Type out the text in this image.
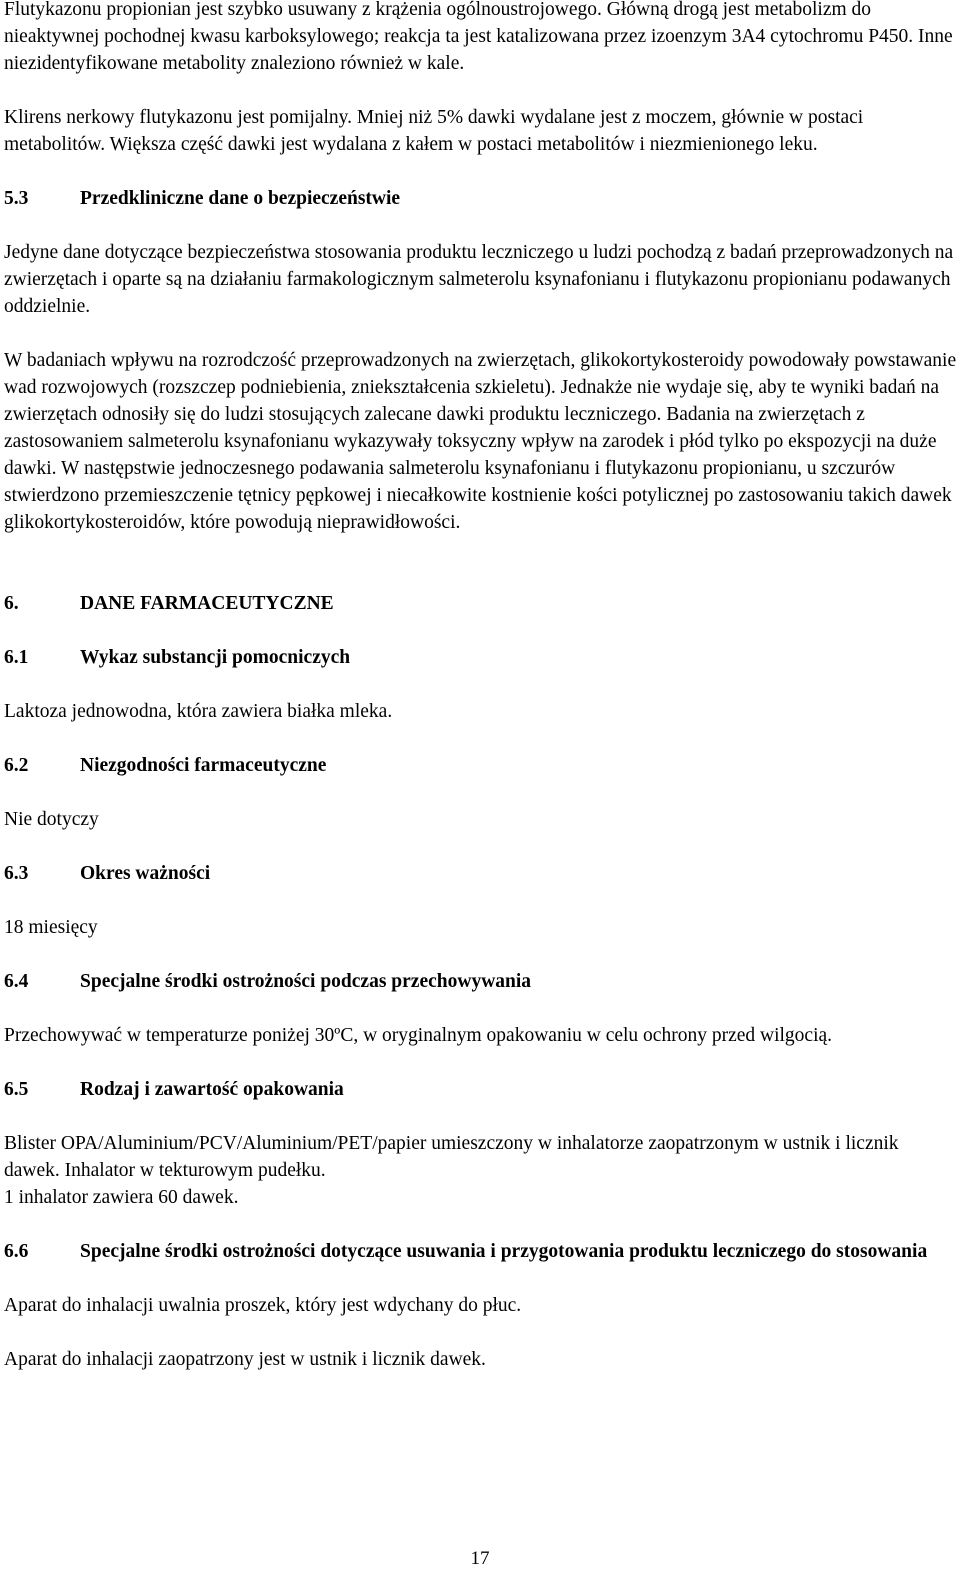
Flutykazonu propionian jest szybko usuwany z krążenia ogólnoustrojowego. Główną drogą jest metabolizm do nieaktywnej pochodnej kwasu karboksylowego; reakcja ta jest katalizowana przez izoenzym 3A4 cytochromu P450. Inne niezidentyfikowane metabolity znaleziono również w kale.

Klirens nerkowy flutykazonu jest pomijalny. Mniej niż 5% dawki wydalane jest z moczem, głównie w postaci metabolitów. Większa część dawki jest wydalana z kałem w postaci metabolitów i niezmienionego leku.

5.3	Przedkliniczne dane o bezpieczeństwie

Jedyne dane dotyczące bezpieczeństwa stosowania produktu leczniczego u ludzi pochodzą z badań przeprowadzonych na zwierzętach i oparte są na działaniu farmakologicznym salmeterolu ksynafonianu i flutykazonu propionianu podawanych oddzielnie.

W badaniach wpływu na rozrodczość przeprowadzonych na zwierzętach, glikokortykosteroidy powodowały powstawanie wad rozwojowych (rozszczep podniebienia, zniekształcenia szkieletu). Jednakże nie wydaje się, aby te wyniki badań na zwierzętach odnosiły się do ludzi stosujących zalecane dawki produktu leczniczego. Badania na zwierzętach z zastosowaniem salmeterolu ksynafonianu wykazywały toksyczny wpływ na zarodek i płód tylko po ekspozycji na duże dawki. W następstwie jednoczesnego podawania salmeterolu ksynafonianu i flutykazonu propionianu, u szczurów stwierdzono przemieszczenie tętnicy pępkowej i niecałkowite kostnienie kości potylicznej po zastosowaniu takich dawek glikokortykosteroidów, które powodują nieprawidłowości.

6.	DANE FARMACEUTYCZNE
6.1	Wykaz substancji pomocniczych

Laktoza jednowodna, która zawiera białka mleka.

6.2	Niezgodności farmaceutyczne

Nie dotyczy

6.3	Okres ważności

18 miesięcy

6.4	Specjalne środki ostrożności podczas przechowywania

Przechowywać w temperaturze poniżej 30ºC, w oryginalnym opakowaniu w celu ochrony przed wilgocią.

6.5	Rodzaj i zawartość opakowania

Blister OPA/Aluminium/PCV/Aluminium/PET/papier umieszczony w inhalatorze zaopatrzonym w ustnik i licznik dawek. Inhalator w tekturowym pudełku.

1 inhalator zawiera 60 dawek.

6.6	Specjalne środki ostrożności dotyczące usuwania i przygotowania produktu leczniczego do stosowania

Aparat do inhalacji uwalnia proszek, który jest wdychany do płuc.

Aparat do inhalacji zaopatrzony jest w ustnik i licznik dawek.

17
